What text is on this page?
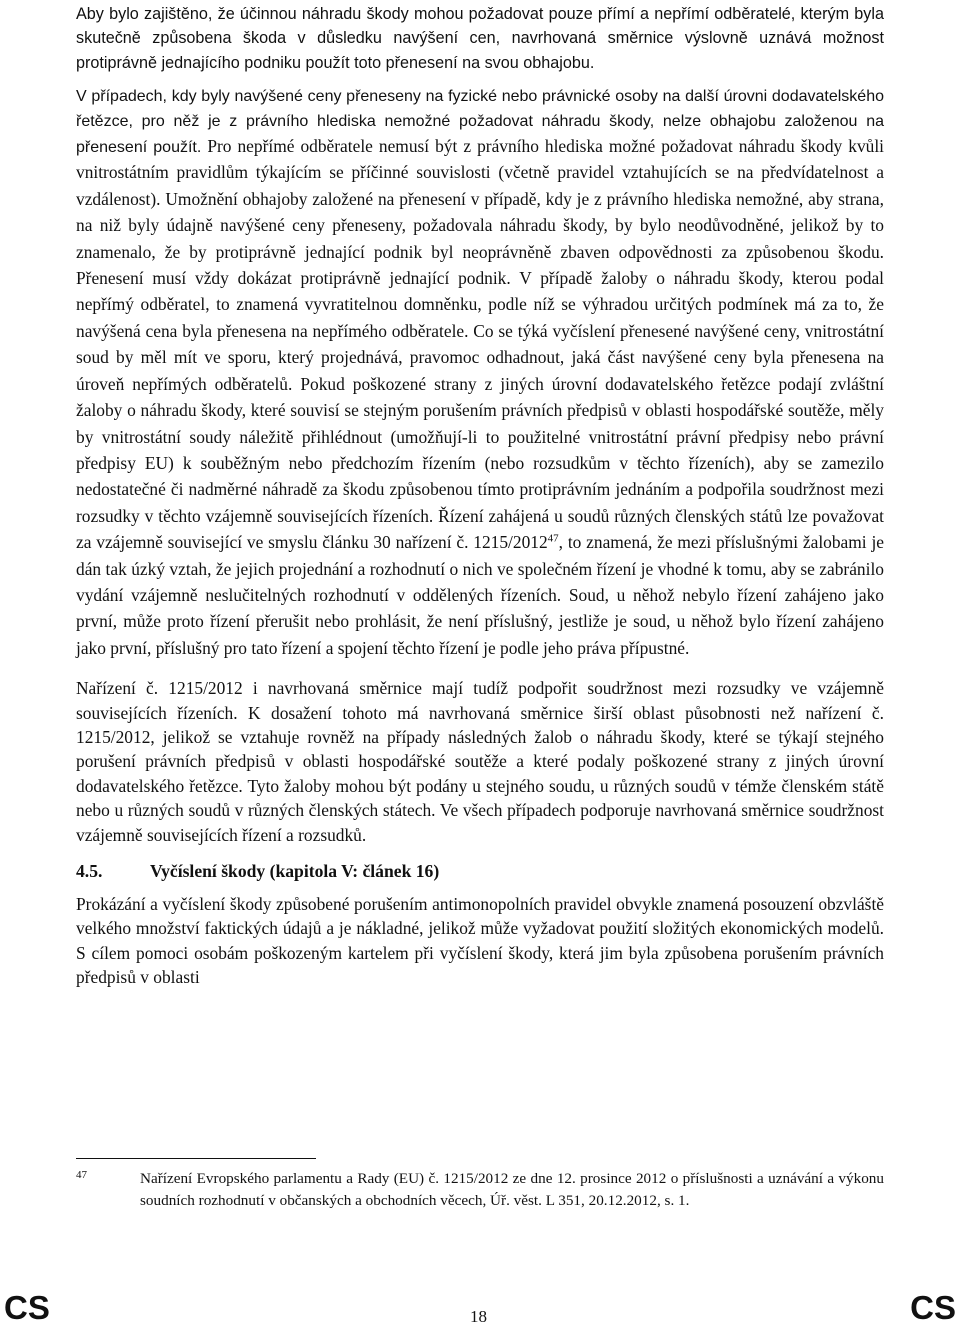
Aby bylo zajištěno, že účinnou náhradu škody mohou požadovat pouze přímí a nepřímí odběratelé, kterým byla skutečně způsobena škoda v důsledku navýšení cen, navrhovaná směrnice výslovně uznává možnost protiprávně jednajícího podniku použít toto přenesení na svou obhajobu.

V případech, kdy byly navýšené ceny přeneseny na fyzické nebo právnické osoby na další úrovni dodavatelského řetězce, pro něž je z právního hlediska nemožné požadovat náhradu škody, nelze obhajobu založenou na přenesení použít. Pro nepřímé odběratele nemusí být z právního hlediska možné požadovat náhradu škody kvůli vnitrostátním pravidlům týkajícím se příčinné souvislosti (včetně pravidel vztahujících se na předvídatelnost a vzdálenost). Umožnění obhajoby založené na přenesení v případě, kdy je z právního hlediska nemožné, aby strana, na niž byly údajně navýšené ceny přeneseny, požadovala náhradu škody, by bylo neodůvodněné, jelikož by to znamenalo, že by protiprávně jednající podnik byl neoprávněně zbaven odpovědnosti za způsobenou škodu. Přenesení musí vždy dokázat protiprávně jednající podnik. V případě žaloby o náhradu škody, kterou podal nepřímý odběratel, to znamená vyvratitelnou domněnku, podle níž se výhradou určitých podmínek má za to, že navýšená cena byla přenesena na nepřímého odběratele. Co se týká vyčíslení přenesené navýšené ceny, vnitrostátní soud by měl mít ve sporu, který projednává, pravomoc odhadnout, jaká část navýšené ceny byla přenesena na úroveň nepřímých odběratelů. Pokud poškozené strany z jiných úrovní dodavatelského řetězce podají zvláštní žaloby o náhradu škody, které souvisí se stejným porušením právních předpisů v oblasti hospodářské soutěže, měly by vnitrostátní soudy náležitě přihlédnout (umožňují-li to použitelné vnitrostátní právní předpisy nebo právní předpisy EU) k souběžným nebo předchozím řízením (nebo rozsudkům v těchto řízeních), aby se zamezilo nedostatečné či nadměrné náhradě za škodu způsobenou tímto protiprávním jednáním a podpořila soudržnost mezi rozsudky v těchto vzájemně souvisejících řízeních. Řízení zahájená u soudů různých členských států lze považovat za vzájemně související ve smyslu článku 30 nařízení č. 1215/2012$^{47}$, to znamená, že mezi příslušnými žalobami je dán tak úzký vztah, že jejich projednání a rozhodnutí o nich ve společném řízení je vhodné k tomu, aby se zabránilo vydání vzájemně neslučitelných rozhodnutí v oddělených řízeních. Soud, u něhož nebylo řízení zahájeno jako první, může proto řízení přerušit nebo prohlásit, že není příslušný, jestliže je soud, u něhož bylo řízení zahájeno jako první, příslušný pro tato řízení a spojení těchto řízení je podle jeho práva přípustné.

Nařízení č. 1215/2012 i navrhovaná směrnice mají tudíž podpořit soudržnost mezi rozsudky ve vzájemně souvisejících řízeních. K dosažení tohoto má navrhovaná směrnice širší oblast působnosti než nařízení č. 1215/2012, jelikož se vztahuje rovněž na případy následných žalob o náhradu škody, které se týkají stejného porušení právních předpisů v oblasti hospodářské soutěže a které podaly poškozené strany z jiných úrovní dodavatelského řetězce. Tyto žaloby mohou být podány u stejného soudu, u různých soudů v témže členském státě nebo u různých soudů v různých členských státech. Ve všech případech podporuje navrhovaná směrnice soudržnost vzájemně souvisejících řízení a rozsudků.

4.5.	Vyčíslení škody (kapitola V: článek 16)

Prokázání a vyčíslení škody způsobené porušením antimonopolních pravidel obvykle znamená posouzení obzvláště velkého množství faktických údajů a je nákladné, jelikož může vyžadovat použití složitých ekonomických modelů. S cílem pomoci osobám poškozeným kartelem při vyčíslení škody, která jim byla způsobena porušením právních předpisů v oblasti

47	Nařízení Evropského parlamentu a Rady (EU) č. 1215/2012 ze dne 12. prosince 2012 o příslušnosti a uznávání a výkonu soudních rozhodnutí v občanských a obchodních věcech, Úř. věst. L 351, 20.12.2012, s. 1.
CS	18	CS
